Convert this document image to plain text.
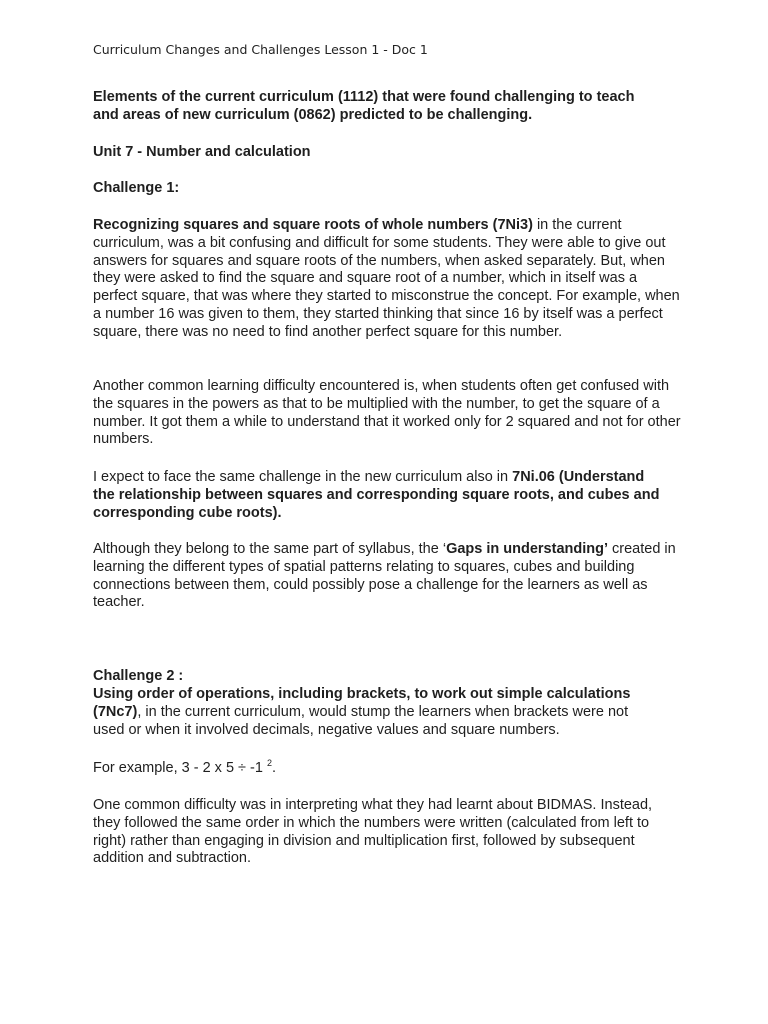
Curriculum Changes and Challenges Lesson 1 - Doc 1
Elements of the current curriculum (1112) that were found challenging to teach
and areas of new curriculum (0862) predicted to be challenging.
Unit 7 - Number and calculation
Challenge 1:

Recognizing squares and square roots of whole numbers (7Ni3) in the current curriculum, was a bit confusing and difficult for some students. They were able to give out answers for squares and square roots of the numbers, when asked separately. But, when they were asked to find the square and square root of a number, which in itself was a perfect square, that was where they started to misconstrue the concept. For example, when a number 16 was given to them, they started thinking that since 16 by itself was a perfect square, there was no need to find another perfect square for this number.

Another common learning difficulty encountered is, when students often get confused with the squares in the powers as that to be multiplied with the number, to get the square of a number. It got them a while to understand that it worked only for 2 squared and not for other numbers.

I expect to face the same challenge in the new curriculum also in 7Ni.06 (Understand the relationship between squares and corresponding square roots, and cubes and corresponding cube roots).

Although they belong to the same part of syllabus, the ‘Gaps in understanding’ created in learning the different types of spatial patterns relating to squares, cubes and building connections between them, could possibly pose a challenge for the learners as well as teacher.

Challenge 2 :

Using order of operations, including brackets, to work out simple calculations (7Nc7), in the current curriculum, would stump the learners when brackets were not used or when it involved decimals, negative values and square numbers.

For example, 3 - 2 x 5 ÷ -1 $^2$.

One common difficulty was in interpreting what they had learnt about BIDMAS. Instead, they followed the same order in which the numbers were written (calculated from left to right) rather than engaging in division and multiplication first, followed by subsequent addition and subtraction.
